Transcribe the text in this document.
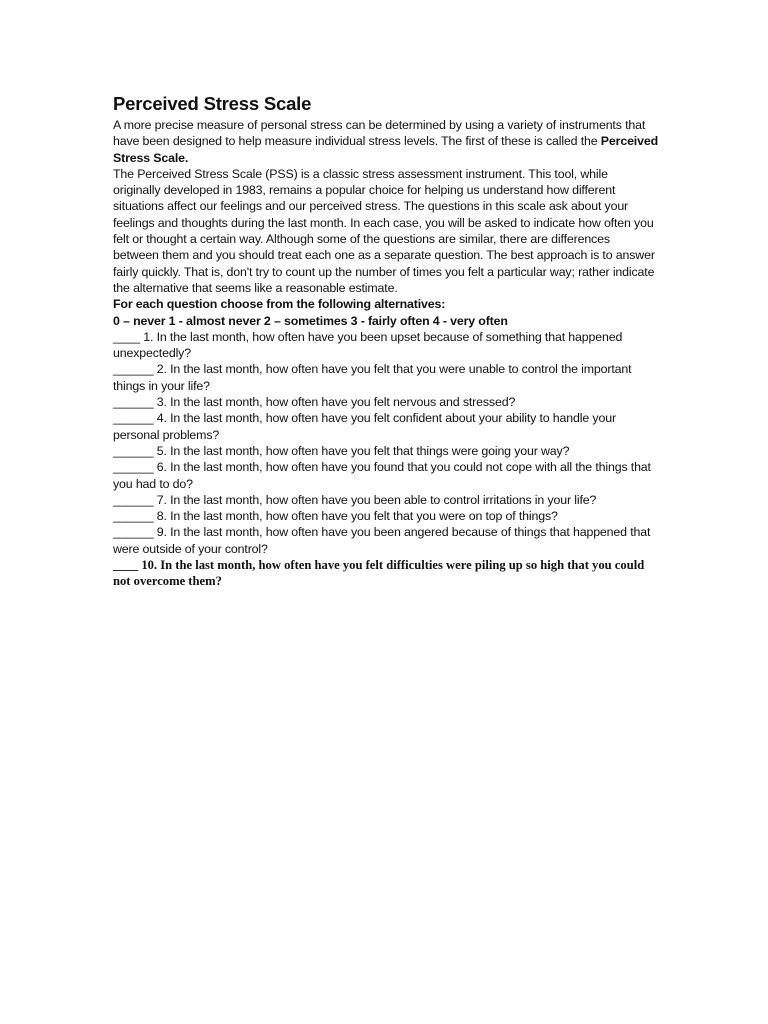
Perceived Stress Scale

A more precise measure of personal stress can be determined by using a variety of instruments that have been designed to help measure individual stress levels. The first of these is called the Perceived Stress Scale.

The Perceived Stress Scale (PSS) is a classic stress assessment instrument. This tool, while originally developed in 1983, remains a popular choice for helping us understand how different situations affect our feelings and our perceived stress. The questions in this scale ask about your feelings and thoughts during the last month. In each case, you will be asked to indicate how often you felt or thought a certain way. Although some of the questions are similar, there are differences between them and you should treat each one as a separate question. The best approach is to answer fairly quickly. That is, don't try to count up the number of times you felt a particular way; rather indicate the alternative that seems like a reasonable estimate.

For each question choose from the following alternatives:

0 – never 1 - almost never 2 – sometimes 3 - fairly often 4 - very often

____ 1. In the last month, how often have you been upset because of something that happened unexpectedly?

______ 2. In the last month, how often have you felt that you were unable to control the important things in your life?

______ 3. In the last month, how often have you felt nervous and stressed?

______ 4. In the last month, how often have you felt confident about your ability to handle your personal problems?

______ 5. In the last month, how often have you felt that things were going your way?

______ 6. In the last month, how often have you found that you could not cope with all the things that you had to do?

______ 7. In the last month, how often have you been able to control irritations in your life?

______ 8. In the last month, how often have you felt that you were on top of things?

______ 9. In the last month, how often have you been angered because of things that happened that were outside of your control?

____ 10. In the last month, how often have you felt difficulties were piling up so high that you could not overcome them?
